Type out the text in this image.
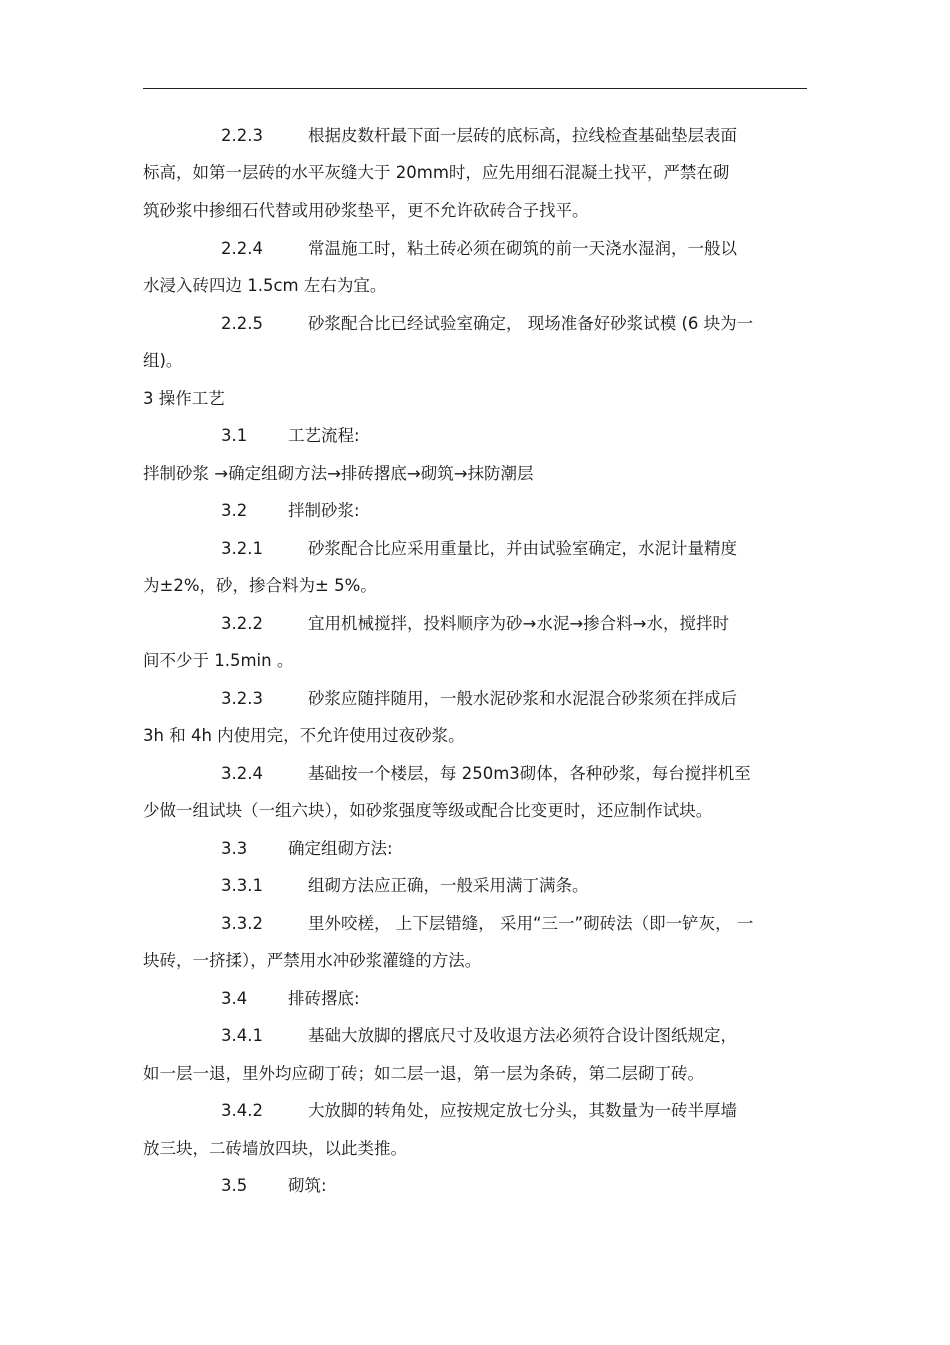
2.2.3	根据皮数杆最下面一层砖的底标高，拉线检查基础垫层表面
标高，如第一层砖的水平灰缝大于 20mm时，应先用细石混凝土找平，严禁在砌
筑砂浆中掺细石代替或用砂浆垫平，更不允许砍砖合子找平。
2.2.4	常温施工时，粘土砖必须在砌筑的前一天浇水湿润，一般以
水浸入砖四边 1.5cm 左右为宜。
2.2.5	砂浆配合比已经试验室确定， 现场准备好砂浆试模 (6 块为一
组)。
3 操作工艺
3.1 工艺流程:
拌制砂浆 →确定组砌方法→排砖撂底→砌筑→抹防潮层
3.2 拌制砂浆:
3.2.1	砂浆配合比应采用重量比，并由试验室确定，水泥计量精度
为±2%，砂，掺合料为± 5%。
3.2.2	宜用机械搅拌，投料顺序为砂→水泥→掺合料→水，搅拌时
间不少于 1.5min 。
3.2.3	砂浆应随拌随用，一般水泥砂浆和水泥混合砂浆须在拌成后
3h 和 4h 内使用完，不允许使用过夜砂浆。
3.2.4	基础按一个楼层，每 250m3砌体，各种砂浆，每台搅拌机至
少做一组试块（一组六块），如砂浆强度等级或配合比变更时，还应制作试块。
3.3 确定组砌方法:
3.3.1	组砌方法应正确，一般采用满丁满条。
3.3.2	里外咬槎， 上下层错缝， 采用“三一”砌砖法（即一铲灰， 一
块砖，一挤揉），严禁用水冲砂浆灌缝的方法。
3.4 排砖撂底:
3.4.1	基础大放脚的撂底尺寸及收退方法必须符合设计图纸规定，
如一层一退，里外均应砌丁砖；如二层一退，第一层为条砖，第二层砌丁砖。
3.4.2	大放脚的转角处，应按规定放七分头，其数量为一砖半厚墙
放三块，二砖墙放四块，以此类推。
3.5 砌筑:
